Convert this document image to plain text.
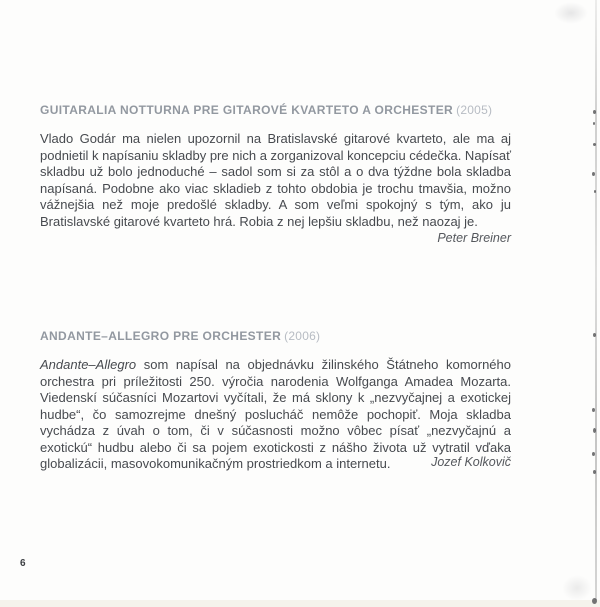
GUITARALIA NOTTURNA PRE GITAROVÉ KVARTETO A ORCHESTER (2005)
Vlado Godár ma nielen upozornil na Bratislavské gitarové kvarteto, ale ma aj podnietil k napísaniu skladby pre nich a zorganizoval koncepciu cédečka. Napísať skladbu už bolo jednoduché – sadol som si za stôl a o dva týždne bola skladba napísaná. Podobne ako viac skladieb z tohto obdobia je trochu tmavšia, možno vážnejšia než moje predošlé skladby. A som veľmi spokojný s tým, ako ju Bratislavské gitarové kvarteto hrá. Robia z nej lepšiu skladbu, než naozaj je.
Peter Breiner
ANDANTE–ALLEGRO PRE ORCHESTER (2006)
Andante–Allegro som napísal na objednávku žilinského Štátneho komorného orchestra pri príležitosti 250. výročia narodenia Wolfganga Amadea Mozarta. Viedenskí súčasníci Mozartovi vyčítali, že má sklony k „nezvyčajnej a exotickej hudbe“, čo samozrejme dnešný poslucháč nemôže pochopiť. Moja skladba vychádza z úvah o tom, či v súčasnosti možno vôbec písať „nezvyčajnú a exotickú“ hudbu alebo či sa pojem exotickosti z nášho života už vytratil vďaka globalizácii, masovokomunikačným prostriedkom a internetu.	Jozef Kolkovič
6
